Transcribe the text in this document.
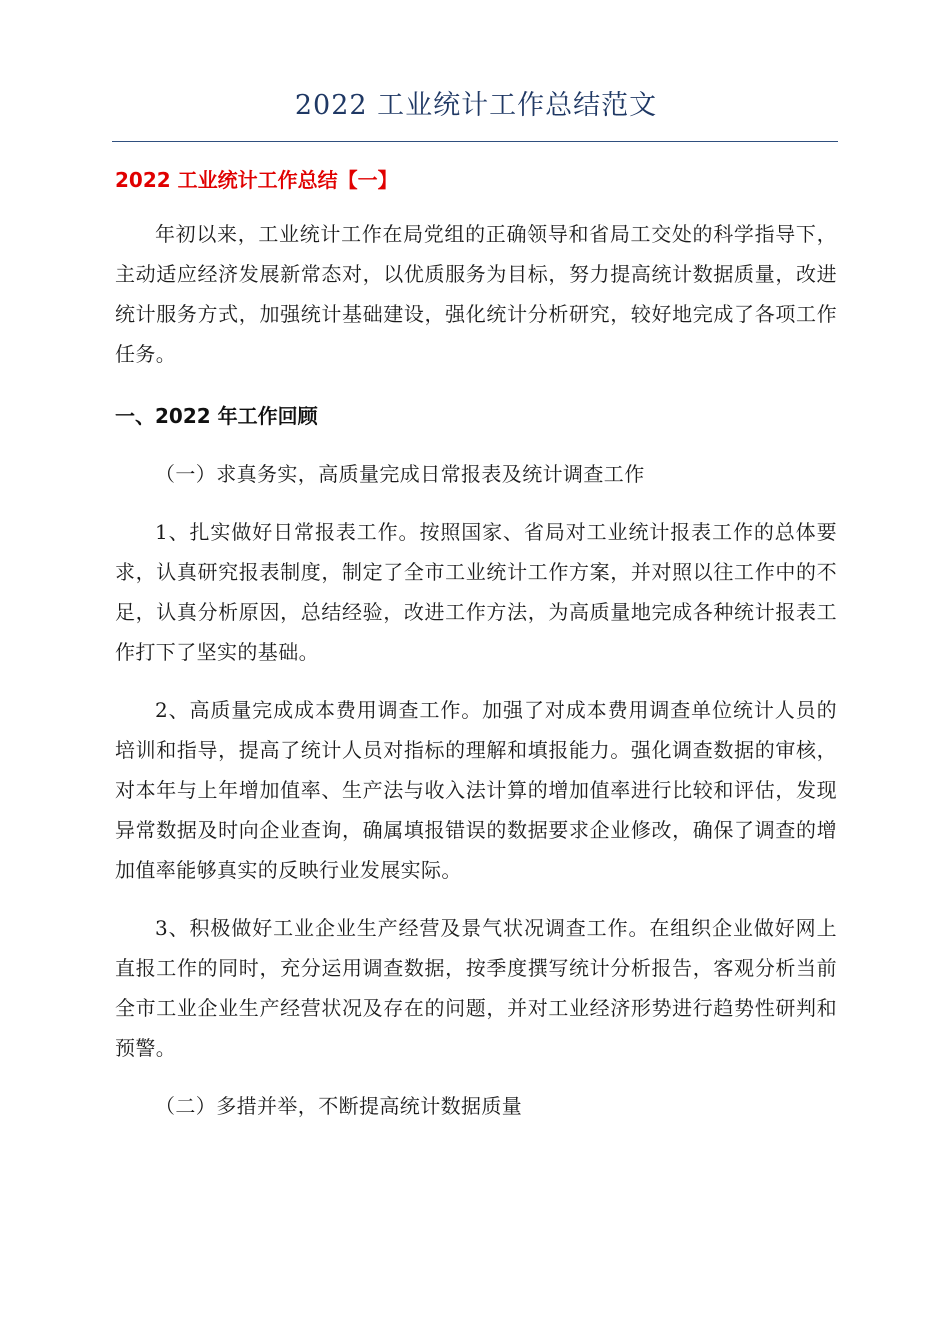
2022 工业统计工作总结范文

2022 工业统计工作总结【一】

年初以来，工业统计工作在局党组的正确领导和省局工交处的科学指导下，主动适应经济发展新常态对，以优质服务为目标，努力提高统计数据质量，改进统计服务方式，加强统计基础建设，强化统计分析研究，较好地完成了各项工作任务。

一、2022 年工作回顾

（一）求真务实，高质量完成日常报表及统计调查工作

1、扎实做好日常报表工作。按照国家、省局对工业统计报表工作的总体要求，认真研究报表制度，制定了全市工业统计工作方案，并对照以往工作中的不足，认真分析原因，总结经验，改进工作方法，为高质量地完成各种统计报表工作打下了坚实的基础。

2、高质量完成成本费用调查工作。加强了对成本费用调查单位统计人员的培训和指导，提高了统计人员对指标的理解和填报能力。强化调查数据的审核，对本年与上年增加值率、生产法与收入法计算的增加值率进行比较和评估，发现异常数据及时向企业查询，确属填报错误的数据要求企业修改，确保了调查的增加值率能够真实的反映行业发展实际。

3、积极做好工业企业生产经营及景气状况调查工作。在组织企业做好网上直报工作的同时，充分运用调查数据，按季度撰写统计分析报告，客观分析当前全市工业企业生产经营状况及存在的问题，并对工业经济形势进行趋势性研判和预警。

（二）多措并举，不断提高统计数据质量
